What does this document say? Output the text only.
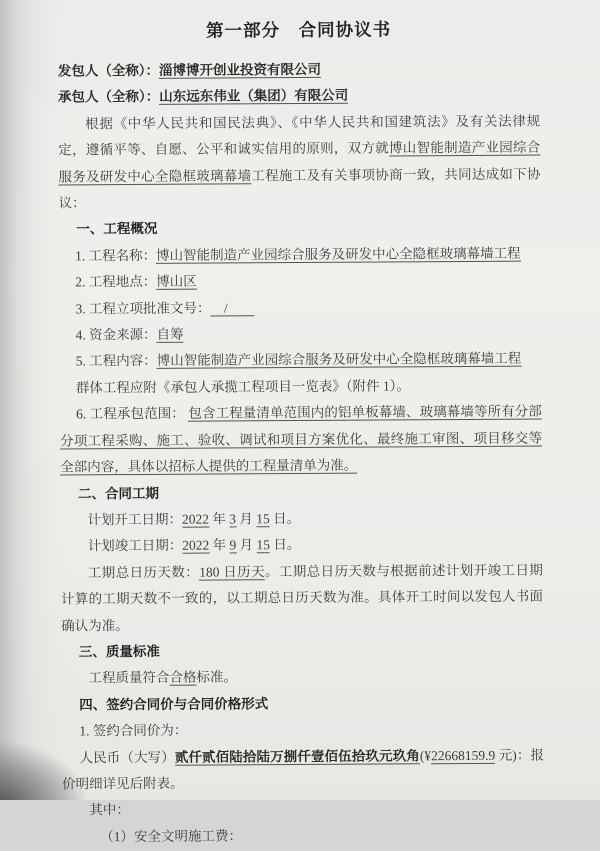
第一部分　合同协议书

发包人（全称）：淄博博开创业投资有限公司

承包人（全称）：山东远东伟业（集团）有限公司

根据《中华人民共和国民法典》、《中华人民共和国建筑法》及有关法律规定，遵循平等、自愿、公平和诚实信用的原则，双方就博山智能制造产业园综合服务及研发中心全隐框玻璃幕墙工程施工及有关事项协商一致，共同达成如下协议：

一、工程概况

1. 工程名称：博山智能制造产业园综合服务及研发中心全隐框玻璃幕墙工程

2. 工程地点：博山区

3. 工程立项批准文号：    /

4. 资金来源：自筹

5. 工程内容：博山智能制造产业园综合服务及研发中心全隐框玻璃幕墙工程

群体工程应附《承包人承揽工程项目一览表》（附件 1）。

6. 工程承包范围： 包含工程量清单范围内的铝单板幕墙、玻璃幕墙等所有分部分项工程采购、施工、验收、调试和项目方案优化、最终施工审图、项目移交等全部内容，具体以招标人提供的工程量清单为准。

二、合同工期

计划开工日期：2022 年 3 月 15 日。

计划竣工日期：2022 年 9 月 15 日。

工期总日历天数：180 日历天。工期总日历天数与根据前述计划开竣工日期计算的工期天数不一致的，以工期总日历天数为准。具体开工时间以发包人书面确认为准。

三、质量标准

工程质量符合合格标准。

四、签约合同价与合同价格形式

1. 签约合同价为：

人民币（大写）贰仟贰佰陆拾陆万捌仟壹佰伍拾玖元玖角(¥22668159.9 元)：报价明细详见后附表。

其中：

（1）安全文明施工费：
